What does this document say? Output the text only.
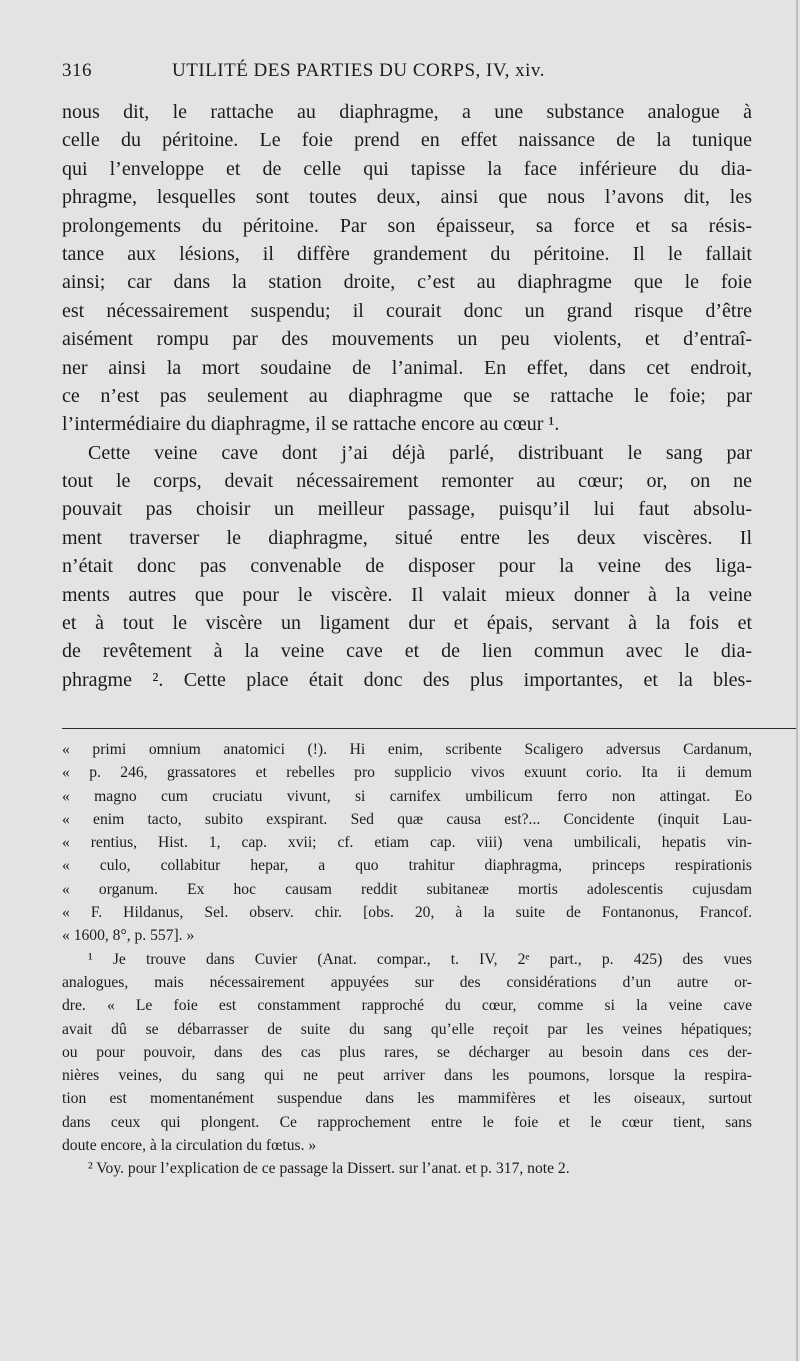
316	UTILITÉ DES PARTIES DU CORPS, IV, xiv.
nous dit, le rattache au diaphragme, a une substance analogue à
celle du péritoine. Le foie prend en effet naissance de la tunique
qui l’enveloppe et de celle qui tapisse la face inférieure du dia-
phragme, lesquelles sont toutes deux, ainsi que nous l’avons dit, les
prolongements du péritoine. Par son épaisseur, sa force et sa résis-
tance aux lésions, il diffère grandement du péritoine. Il le fallait
ainsi; car dans la station droite, c’est au diaphragme que le foie
est nécessairement suspendu; il courait donc un grand risque d’être
aisément rompu par des mouvements un peu violents, et d’entraî-
ner ainsi la mort soudaine de l’animal. En effet, dans cet endroit,
ce n’est pas seulement au diaphragme que se rattache le foie; par
l’intermédiaire du diaphragme, il se rattache encore au cœur ¹.
Cette veine cave dont j’ai déjà parlé, distribuant le sang par
tout le corps, devait nécessairement remonter au cœur; or, on ne
pouvait pas choisir un meilleur passage, puisqu’il lui faut absolu-
ment traverser le diaphragme, situé entre les deux viscères. Il
n’était donc pas convenable de disposer pour la veine des liga-
ments autres que pour le viscère. Il valait mieux donner à la veine
et à tout le viscère un ligament dur et épais, servant à la fois et
de revêtement à la veine cave et de lien commun avec le dia-
phragme ². Cette place était donc des plus importantes, et la bles-
« primi omnium anatomici (!). Hi enim, scribente Scaligero adversus Cardanum,
« p. 246, grassatores et rebelles pro supplicio vivos exuunt corio. Ita ii demum
« magno cum cruciatu vivunt, si carnifex umbilicum ferro non attingat. Eo
« enim tacto, subito exspirant. Sed quæ causa est?... Concidente (inquit Lau-
« rentius, Hist. 1, cap. xvii; cf. etiam cap. viii) vena umbilicali, hepatis vin-
« culo, collabitur hepar, a quo trahitur diaphragma, princeps respirationis
« organum. Ex hoc causam reddit subitaneæ mortis adolescentis cujusdam
« F. Hildanus, Sel. observ. chir. [obs. 20, à la suite de Fontanonus, Francof.
« 1600, 8°, p. 557]. »
¹ Je trouve dans Cuvier (Anat. compar., t. IV, 2ᵉ part., p. 425) des vues
analogues, mais nécessairement appuyées sur des considérations d’un autre or-
dre. « Le foie est constamment rapproché du cœur, comme si la veine cave
avait dû se débarrasser de suite du sang qu’elle reçoit par les veines hépatiques;
ou pour pouvoir, dans des cas plus rares, se décharger au besoin dans ces der-
nières veines, du sang qui ne peut arriver dans les poumons, lorsque la respira-
tion est momentanément suspendue dans les mammifères et les oiseaux, surtout
dans ceux qui plongent. Ce rapprochement entre le foie et le cœur tient, sans
doute encore, à la circulation du fœtus. »
² Voy. pour l’explication de ce passage la Dissert. sur l’anat. et p. 317, note 2.
